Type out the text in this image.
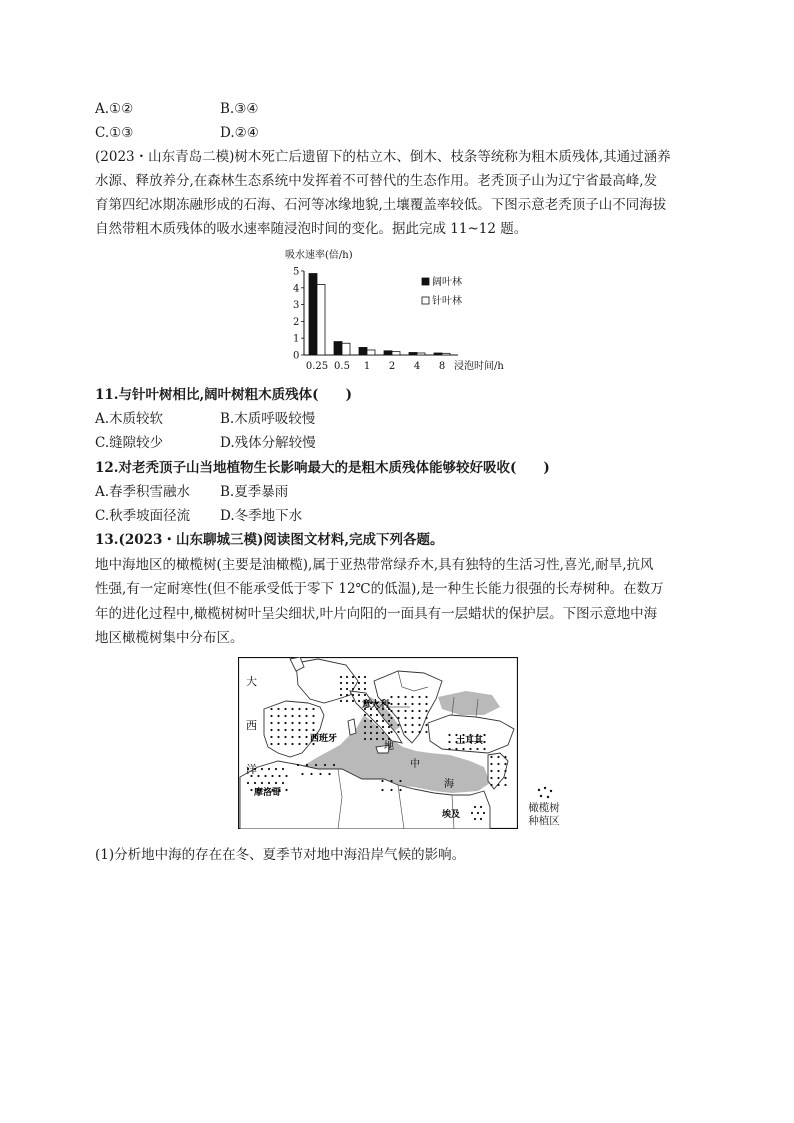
A.①②	B.③④
C.①③	D.②④
(2023・山东青岛二模)树木死亡后遗留下的枯立木、倒木、枝条等统称为粗木质残体,其通过涵养
水源、释放养分,在森林生态系统中发挥着不可替代的生态作用。老秃顶子山为辽宁省最高峰,发
育第四纪冰期冻融形成的石海、石河等冰缘地貌,土壤覆盖率较低。下图示意老秃顶子山不同海拔
自然带粗木质残体的吸水速率随浸泡时间的变化。据此完成 11~12 题。
吸水速率(倍/h)
0
1
2
3
4
5
0.25 0.5 1 2 4 8 浸泡时间/h
阔叶林
针叶林
11.与针叶树相比,阔叶树粗木质残体(　　)
A.木质较软	B.木质呼吸较慢
C.缝隙较少	D.残体分解较慢
12.对老秃顶子山当地植物生长影响最大的是粗木质残体能够较好吸收(　　)
A.春季积雪融水 B.夏季暴雨
C.秋季坡面径流 D.冬季地下水
13.(2023・山东聊城三模)阅读图文材料,完成下列各题。
地中海地区的橄榄树(主要是油橄榄),属于亚热带常绿乔木,具有独特的生活习性,喜光,耐旱,抗风
性强,有一定耐寒性(但不能承受低于零下 12℃的低温),是一种生长能力很强的长寿树种。在数万
年的进化过程中,橄榄树树叶呈尖细状,叶片向阳的一面具有一层蜡状的保护层。下图示意地中海
地区橄榄树集中分布区。
大
西
洋
西班牙
意大利
土耳其
摩洛哥
埃及
地
中
海
橄榄树
种植区
(1)分析地中海的存在在冬、夏季节对地中海沿岸气候的影响。
